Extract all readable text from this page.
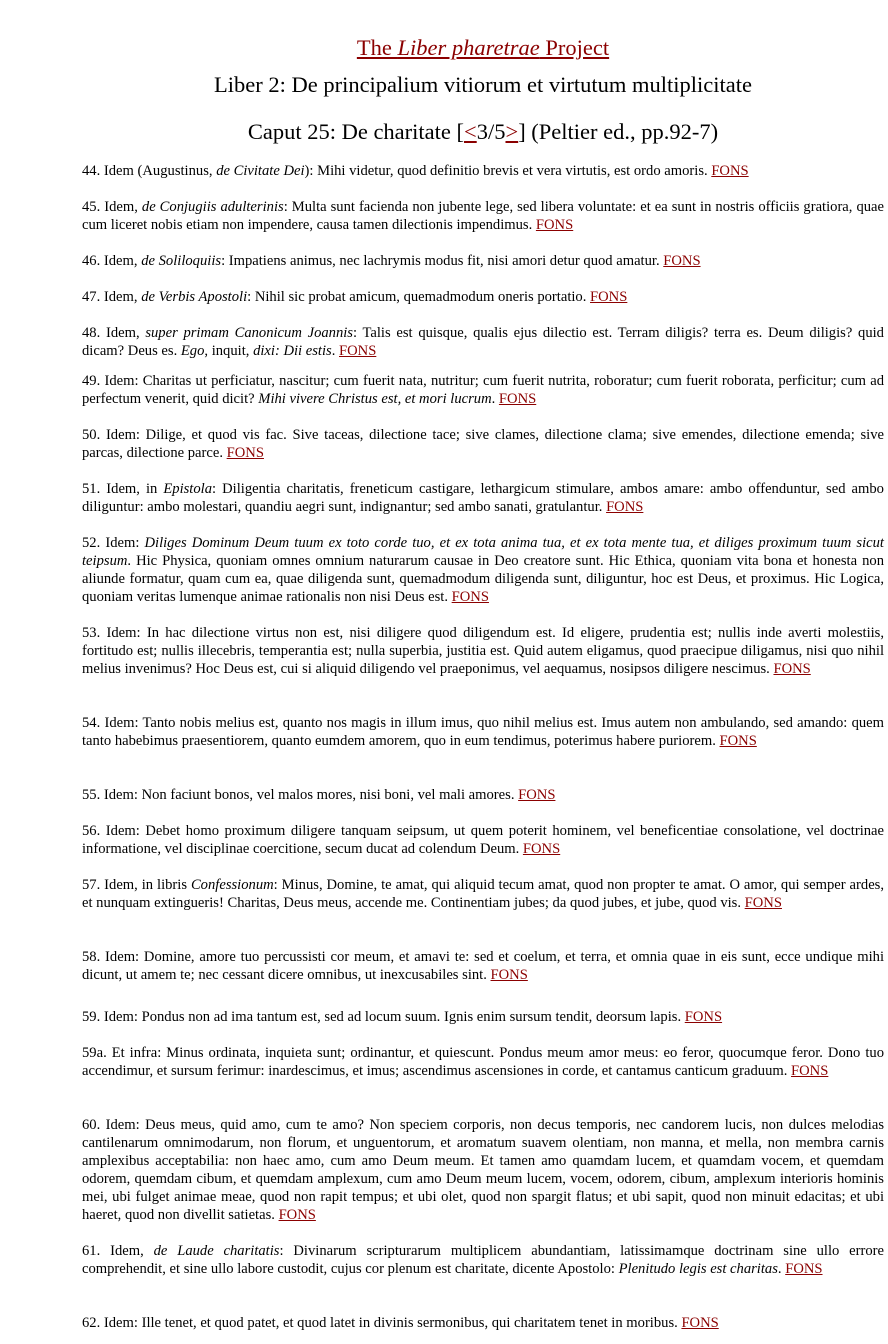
The Liber pharetrae Project
Liber 2: De principalium vitiorum et virtutum multiplicitate
Caput 25: De charitate [<3/5>] (Peltier ed., pp.92-7)
44. Idem (Augustinus, de Civitate Dei): Mihi videtur, quod definitio brevis et vera virtutis, est ordo amoris. FONS
45. Idem, de Conjugiis adulterinis: Multa sunt facienda non jubente lege, sed libera voluntate: et ea sunt in nostris officiis gratiora, quae cum liceret nobis etiam non impendere, causa tamen dilectionis impendimus. FONS
46. Idem, de Soliloquiis: Impatiens animus, nec lachrymis modus fit, nisi amori detur quod amatur. FONS
47. Idem, de Verbis Apostoli: Nihil sic probat amicum, quemadmodum oneris portatio. FONS
48. Idem, super primam Canonicum Joannis: Talis est quisque, qualis ejus dilectio est. Terram diligis? terra es. Deum diligis? quid dicam? Deus es. Ego, inquit, dixi: Dii estis. FONS
49. Idem: Charitas ut perficiatur, nascitur; cum fuerit nata, nutritur; cum fuerit nutrita, roboratur; cum fuerit roborata, perficitur; cum ad perfectum venerit, quid dicit? Mihi vivere Christus est, et mori lucrum. FONS
50. Idem: Dilige, et quod vis fac. Sive taceas, dilectione tace; sive clames, dilectione clama; sive emendes, dilectione emenda; sive parcas, dilectione parce. FONS
51. Idem, in Epistola: Diligentia charitatis, freneticum castigare, lethargicum stimulare, ambos amare: ambo offenduntur, sed ambo diliguntur: ambo molestari, quandiu aegri sunt, indignantur; sed ambo sanati, gratulantur. FONS
52. Idem: Diliges Dominum Deum tuum ex toto corde tuo, et ex tota anima tua, et ex tota mente tua, et diliges proximum tuum sicut teipsum. Hic Physica, quoniam omnes omnium naturarum causae in Deo creatore sunt. Hic Ethica, quoniam vita bona et honesta non aliunde formatur, quam cum ea, quae diligenda sunt, quemadmodum diligenda sunt, diliguntur, hoc est Deus, et proximus. Hic Logica, quoniam veritas lumenque animae rationalis non nisi Deus est. FONS
53. Idem: In hac dilectione virtus non est, nisi diligere quod diligendum est. Id eligere, prudentia est; nullis inde averti molestiis, fortitudo est; nullis illecebris, temperantia est; nulla superbia, justitia est. Quid autem eligamus, quod praecipue diligamus, nisi quo nihil melius invenimus? Hoc Deus est, cui si aliquid diligendo vel praeponimus, vel aequamus, nosipsos diligere nescimus. FONS
54. Idem: Tanto nobis melius est, quanto nos magis in illum imus, quo nihil melius est. Imus autem non ambulando, sed amando: quem tanto habebimus praesentiorem, quanto eumdem amorem, quo in eum tendimus, poterimus habere puriorem. FONS
55. Idem: Non faciunt bonos, vel malos mores, nisi boni, vel mali amores. FONS
56. Idem: Debet homo proximum diligere tanquam seipsum, ut quem poterit hominem, vel beneficentiae consolatione, vel doctrinae informatione, vel disciplinae coercitione, secum ducat ad colendum Deum. FONS
57. Idem, in libris Confessionum: Minus, Domine, te amat, qui aliquid tecum amat, quod non propter te amat. O amor, qui semper ardes, et nunquam extingueris! Charitas, Deus meus, accende me. Continentiam jubes; da quod jubes, et jube, quod vis. FONS
58. Idem: Domine, amore tuo percussisti cor meum, et amavi te: sed et coelum, et terra, et omnia quae in eis sunt, ecce undique mihi dicunt, ut amem te; nec cessant dicere omnibus, ut inexcusabiles sint. FONS
59. Idem: Pondus non ad ima tantum est, sed ad locum suum. Ignis enim sursum tendit, deorsum lapis. FONS
59a. Et infra: Minus ordinata, inquieta sunt; ordinantur, et quiescunt. Pondus meum amor meus: eo feror, quocumque feror. Dono tuo accendimur, et sursum ferimur: inardescimus, et imus; ascendimus ascensiones in corde, et cantamus canticum graduum. FONS
60. Idem: Deus meus, quid amo, cum te amo? Non speciem corporis, non decus temporis, nec candorem lucis, non dulces melodias cantilenarum omnimodarum, non florum, et unguentorum, et aromatum suavem olentiam, non manna, et mella, non membra carnis amplexibus acceptabilia: non haec amo, cum amo Deum meum. Et tamen amo quamdam lucem, et quamdam vocem, et quemdam odorem, quemdam cibum, et quemdam amplexum, cum amo Deum meum lucem, vocem, odorem, cibum, amplexum interioris hominis mei, ubi fulget animae meae, quod non rapit tempus; et ubi olet, quod non spargit flatus; et ubi sapit, quod non minuit edacitas; et ubi haeret, quod non divellit satietas. FONS
61. Idem, de Laude charitatis: Divinarum scripturarum multiplicem abundantiam, latissimamque doctrinam sine ullo errore comprehendit, et sine ullo labore custodit, cujus cor plenum est charitate, dicente Apostolo: Plenitudo legis est charitas. FONS
62. Idem: Ille tenet, et quod patet, et quod latet in divinis sermonibus, qui charitatem tenet in moribus. FONS
